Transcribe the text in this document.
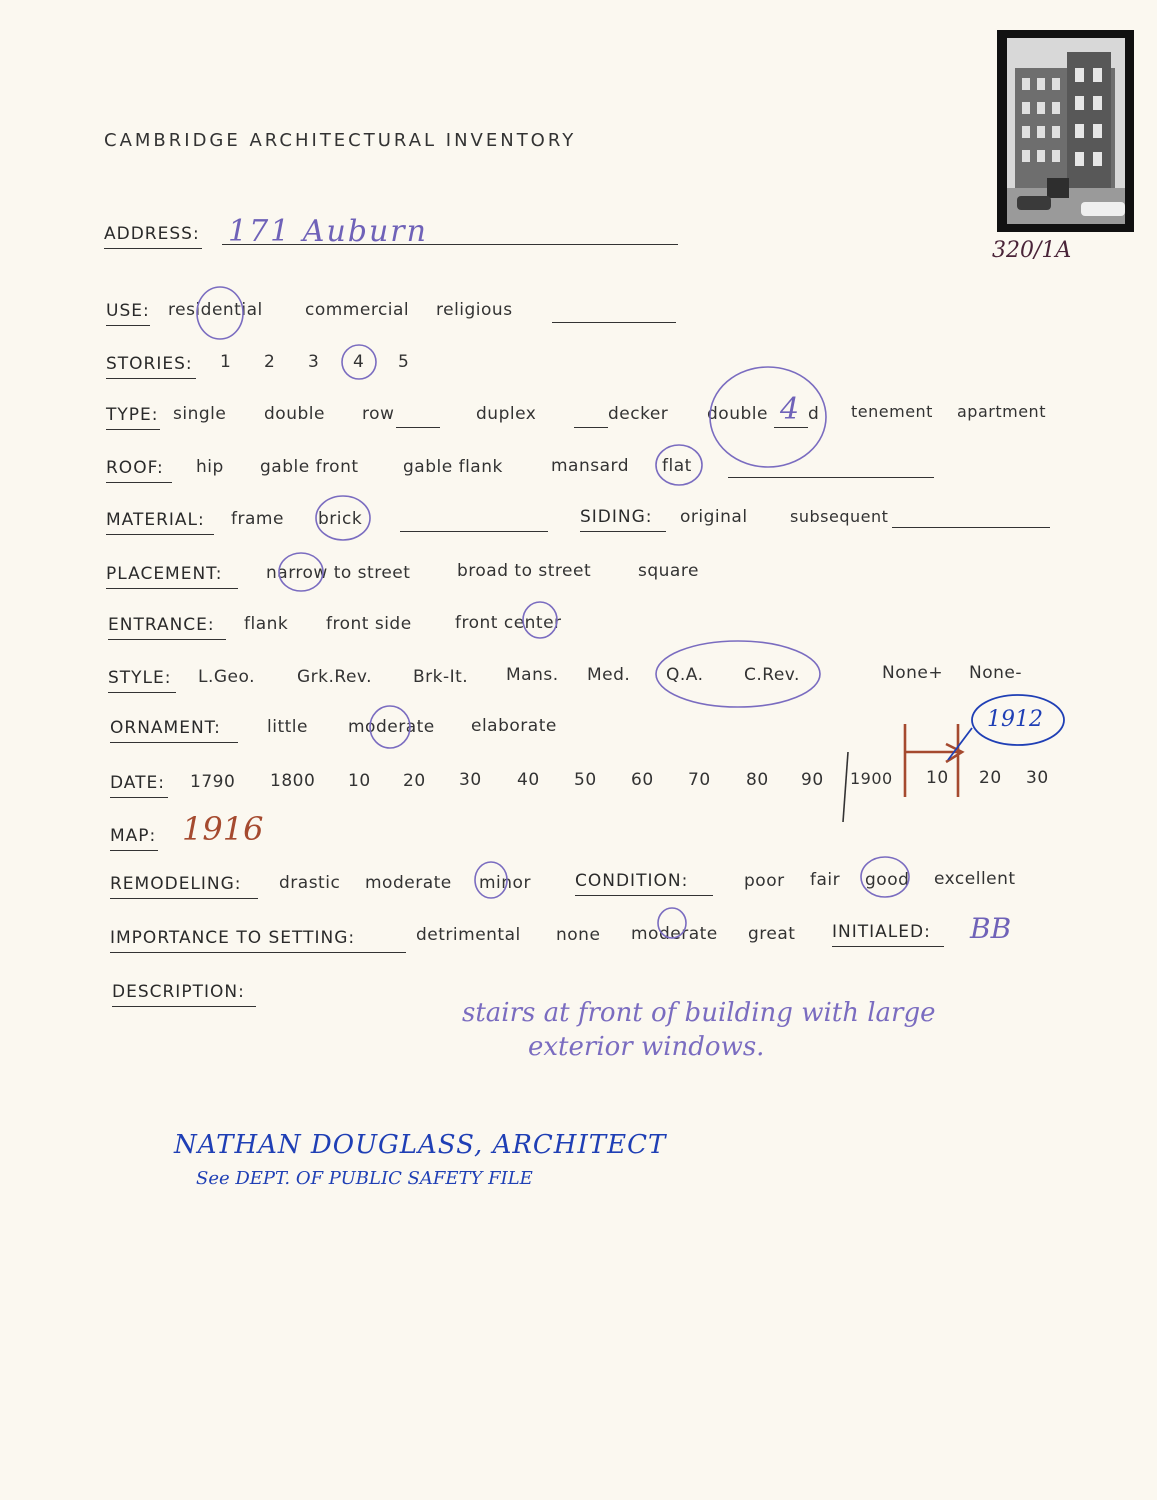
CAMBRIDGE ARCHITECTURAL INVENTORY
320/1A
ADDRESS: 171 Auburn
USE: residential commercial religious
STORIES: 1 2 3 4 5
TYPE: single double row	duplex	decker double 4 d tenement apartment
ROOF: hip gable front	gable flank	mansard flat
MATERIAL: frame brick	SIDING: original	subsequent
PLACEMENT:	narrow to street	broad to street	square
ENTRANCE: flank front side	front center
STYLE: L.Geo. Grk.Rev. Brk-It. Mans. Med. Q.A. C.Rev.	None+ None-
ORNAMENT:	little moderate elaborate
DATE: 1790 1800 10 20 30 40 50 60 70 80 90 1900 10 20 30
1912
MAP: 1916
REMODELING: drastic moderate minor	CONDITION:	poor fair good excellent
IMPORTANCE TO SETTING:	detrimental none moderate great INITIALED: BB
DESCRIPTION:
stairs at front of building with large
exterior windows.
NATHAN DOUGLASS, ARCHITECT
See DEPT. OF PUBLIC SAFETY FILE
